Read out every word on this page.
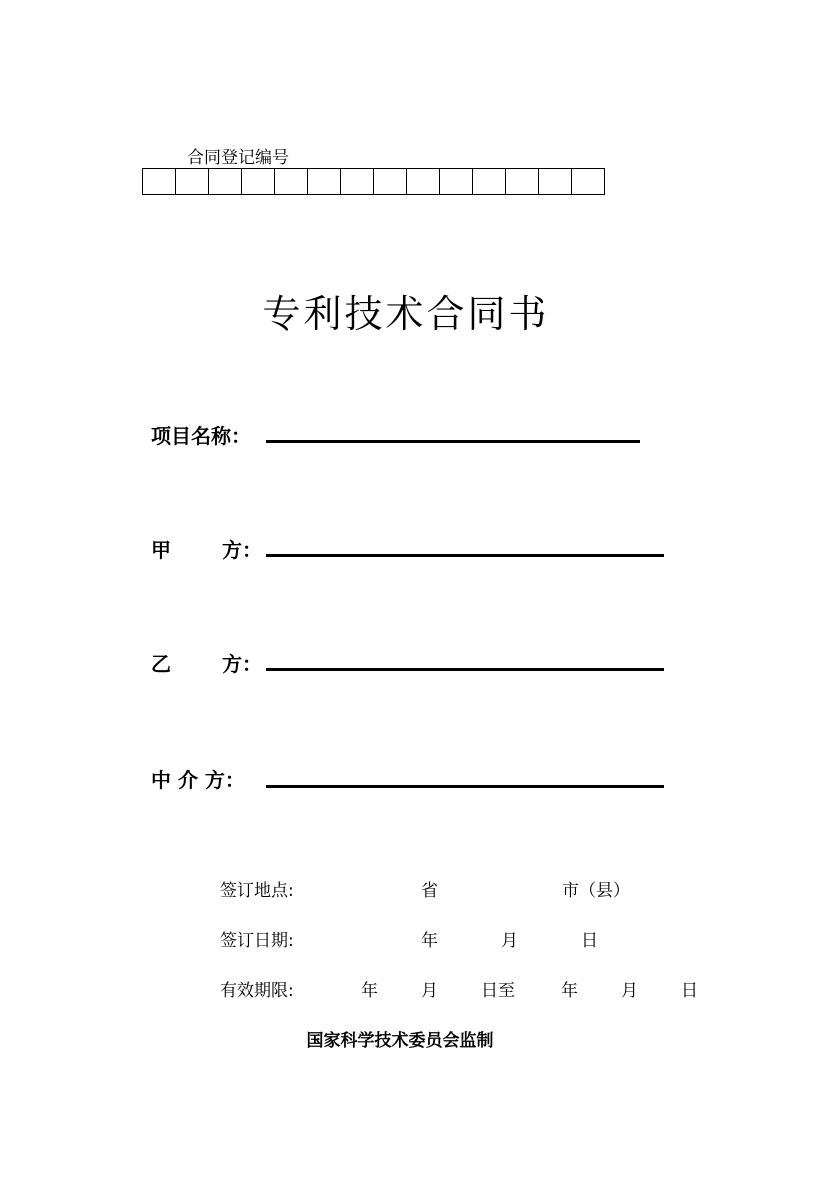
合同登记编号
专利技术合同书
项目名称：
甲	方：
乙	方：
中 介 方：
签订地点:	省	市（县）
签订日期:	年	月	日
有效期限:	年	月	日至	年	月	日
国家科学技术委员会监制
